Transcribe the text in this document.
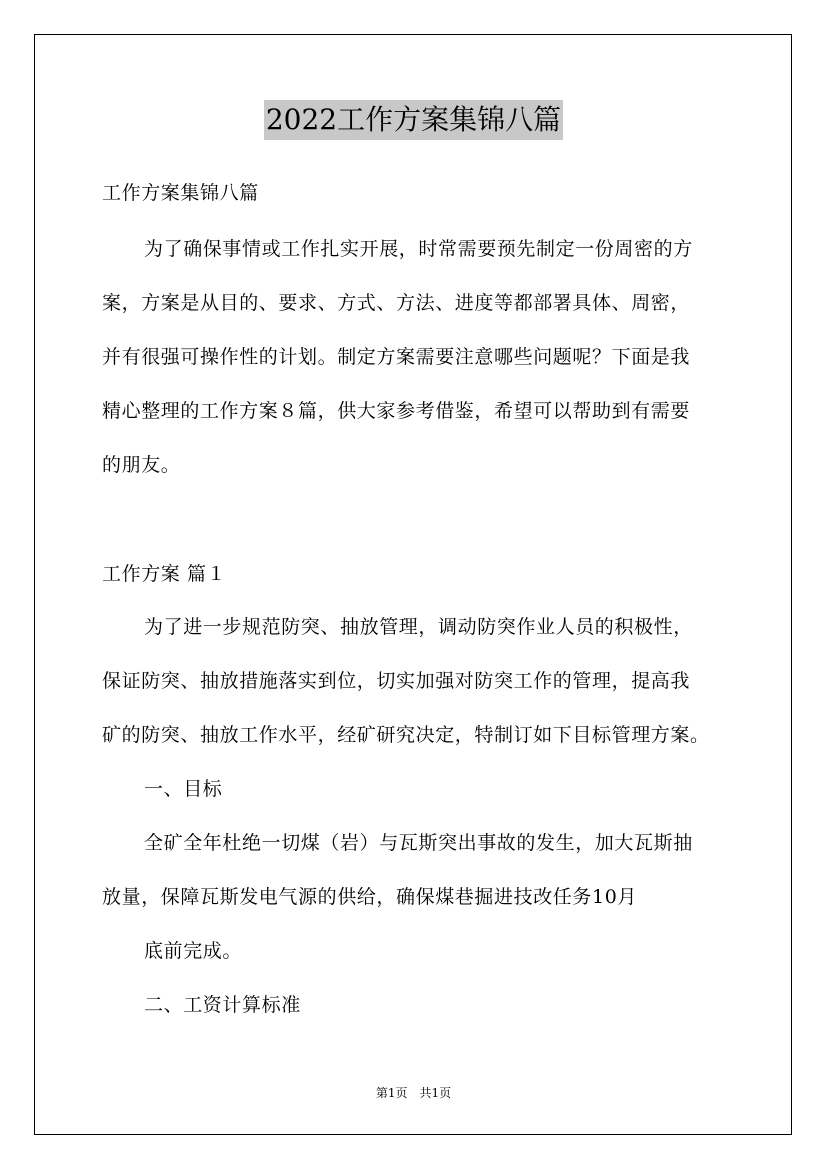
2022工作方案集锦八篇
工作方案集锦八篇
为了确保事情或工作扎实开展，时常需要预先制定一份周密的方
案，方案是从目的、要求、方式、方法、进度等都部署具体、周密，
并有很强可操作性的计划。制定方案需要注意哪些问题呢？下面是我
精心整理的工作方案８篇，供大家参考借鉴，希望可以帮助到有需要
的朋友。
工作方案 篇１
为了进一步规范防突、抽放管理，调动防突作业人员的积极性，
保证防突、抽放措施落实到位，切实加强对防突工作的管理，提高我
矿的防突、抽放工作水平，经矿研究决定，特制订如下目标管理方案。
一、目标
全矿全年杜绝一切煤（岩）与瓦斯突出事故的发生，加大瓦斯抽
放量，保障瓦斯发电气源的供给，确保煤巷掘进技改任务10月
底前完成。
二、工资计算标准
第1页　共1页
